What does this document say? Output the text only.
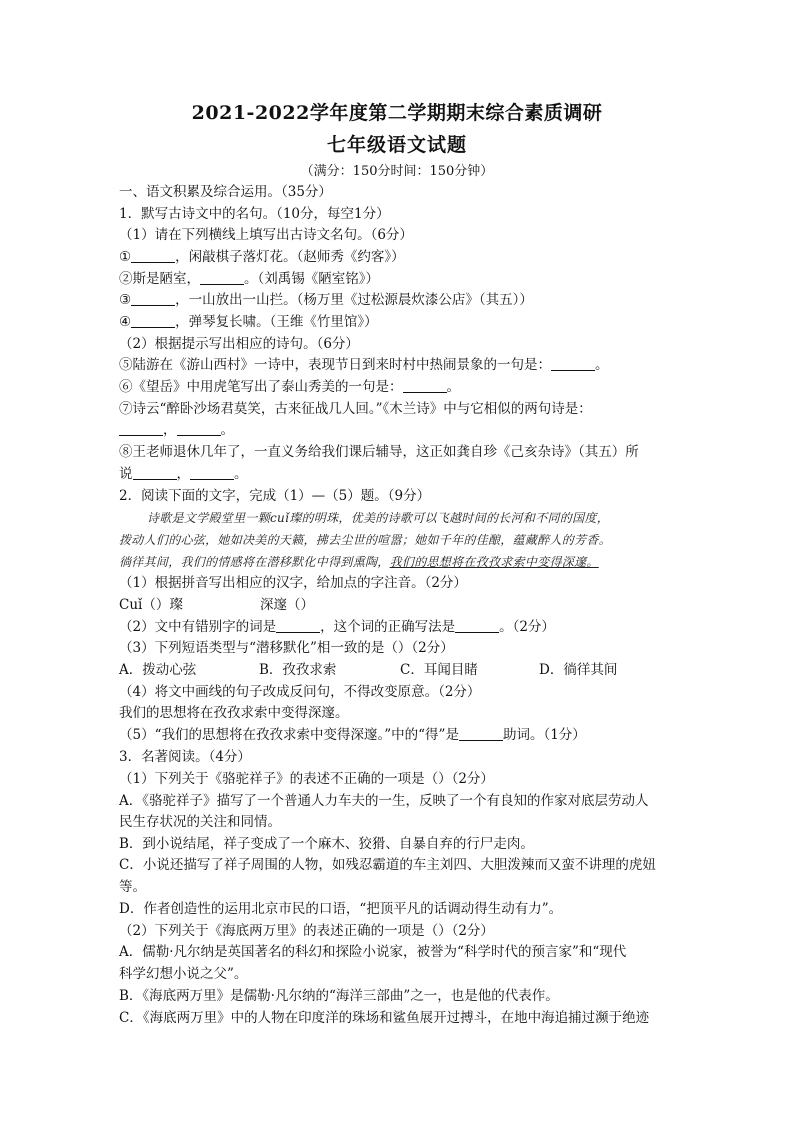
2021-2022学年度第二学期期末综合素质调研
七年级语文试题
（满分：150分时间：150分钟）
一、语文积累及综合运用。（35分）
1．默写古诗文中的名句。（10分，每空1分）
（1）请在下列横线上填写出古诗文名句。（6分）
①	，闲敲棋子落灯花。（赵师秀《约客》）
②斯是陋室，	。（刘禹锡《陋室铭》）
③	，一山放出一山拦。（杨万里《过松源晨炊漆公店》（其五））
④	，弹琴复长啸。（王维《竹里馆》）
（2）根据提示写出相应的诗句。（6分）
⑤陆游在《游山西村》一诗中，表现节日到来时村中热闹景象的一句是：	。
⑥《望岳》中用虎笔写出了泰山秀美的一句是：	。
⑦诗云“醉卧沙场君莫笑，古来征战几人回。”《木兰诗》中与它相似的两句诗是：
，	。
⑧王老师退休几年了，一直义务给我们课后辅导，这正如龚自珍《己亥杂诗》（其五）所
说	，	。
2．阅读下面的文字，完成（1）—（5）题。（9分）
诗歌是文学殿堂里一颗cuǐ璨的明珠，优美的诗歌可以飞越时间的长河和不同的国度，
拨动人们的心弦，她如决美的天籁，拂去尘世的喧嚣；她如千年的佳酿，蕴藏醉人的芳香。
徜徉其间，我们的情感将在潜移默化中得到熏陶，我们的思想将在孜孜求索中变得深邃。
（1）根据拼音写出相应的汉字，给加点的字注音。（2分）
Cuǐ（）璨	深邃（）
（2）文中有错别字的词是	，这个词的正确写法是	。（2分）
（3）下列短语类型与“潜移默化”相一致的是（）（2分）
A．拨动心弦	B．孜孜求索	C．耳闻目睹	D．徜徉其间
（4）将文中画线的句子改成反问句，不得改变原意。（2分）
我们的思想将在孜孜求索中变得深邃。
（5）“我们的思想将在孜孜求索中变得深邃。”中的“得”是	助词。（1分）
3．名著阅读。（4分）
（1）下列关于《骆驼祥子》的表述不正确的一项是（）（2分）
A．《骆驼祥子》描写了一个普通人力车夫的一生，反映了一个有良知的作家对底层劳动人
民生存状况的关注和同情。
B．到小说结尾，祥子变成了一个麻木、狡猾、自暴自弃的行尸走肉。
C．小说还描写了祥子周围的人物，如残忍霸道的车主刘四、大胆泼辣而又蛮不讲理的虎妞
等。
D．作者创造性的运用北京市民的口语，“把顶平凡的话调动得生动有力”。
（2）下列关于《海底两万里》的表述正确的一项是（）（2分）
A．儒勒·凡尔纳是英国著名的科幻和探险小说家，被誉为“科学时代的预言家”和“现代
科学幻想小说之父”。
B．《海底两万里》是儒勒·凡尔纳的“海洋三部曲”之一，也是他的代表作。
C．《海底两万里》中的人物在印度洋的珠场和鲨鱼展开过搏斗，在地中海追捕过濒于绝迹
